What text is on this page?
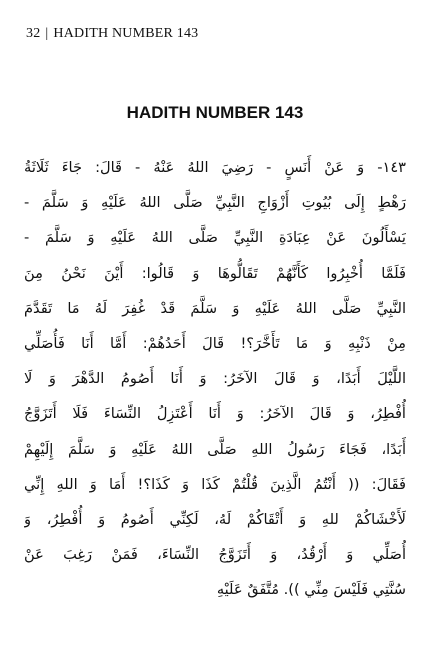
32 | HADITH NUMBER 143
HADITH NUMBER 143
١٤٣- وَ عَنْ أَنَسٍ - رَضِيَ اللهُ عَنْهُ - قَالَ: جَاءَ ثَلَاثَةُ
رَهْطٍ إِلَى بُيُوتِ أَزْوَاجِ النَّبِيِّ صَلَّى اللهُ عَلَيْهِ وَ سَلَّمَ -
يَسْأَلُونَ عَنْ عِبَادَةِ النَّبِيِّ صَلَّى اللهُ عَلَيْهِ وَ سَلَّمَ -
فَلَمَّا أُخْبِرُوا كَأَنَّهُمْ تَقَالُّوهَا وَ قَالُوا: أَيْنَ نَحْنُ مِنَ
النَّبِيِّ صَلَّى اللهُ عَلَيْهِ وَ سَلَّمَ قَدْ غُفِرَ لَهُ مَا تَقَدَّمَ
مِنْ ذَنْبِهِ وَ مَا تَأَخَّرَ؟! قَالَ أَحَدُهُمْ: أَمَّا أَنَا فَأُصَلِّي
اللَّيْلَ أَبَدًا، وَ قَالَ الآخَرُ: وَ أَنَا أَصُومُ الدَّهْرَ وَ لَا
أُفْطِرُ، وَ قَالَ الآخَرُ: وَ أَنَا أَعْتَزِلُ النِّسَاءَ فَلَا أَتَزَوَّجُ
أَبَدًا، فَجَاءَ رَسُولُ اللهِ صَلَّى اللهُ عَلَيْهِ وَ سَلَّمَ إِلَيْهِمْ
فَقَالَ: (( أَنْتُمُ الَّذِينَ قُلْتُمْ كَذَا وَ كَذَا؟! أَمَا وَ اللهِ إِنِّي
لَأَخْشَاكُمْ للهِ وَ أَتْقَاكُمْ لَهُ، لَكِنِّي أَصُومُ وَ أُفْطِرُ، وَ
أُصَلِّي وَ أَرْقُدُ، وَ أَتَزَوَّجُ النِّسَاءَ، فَمَنْ رَغِبَ عَنْ
سُنَّتِي فَلَيْسَ مِنِّي )). مُتَّفَقٌ عَلَيْهِ
